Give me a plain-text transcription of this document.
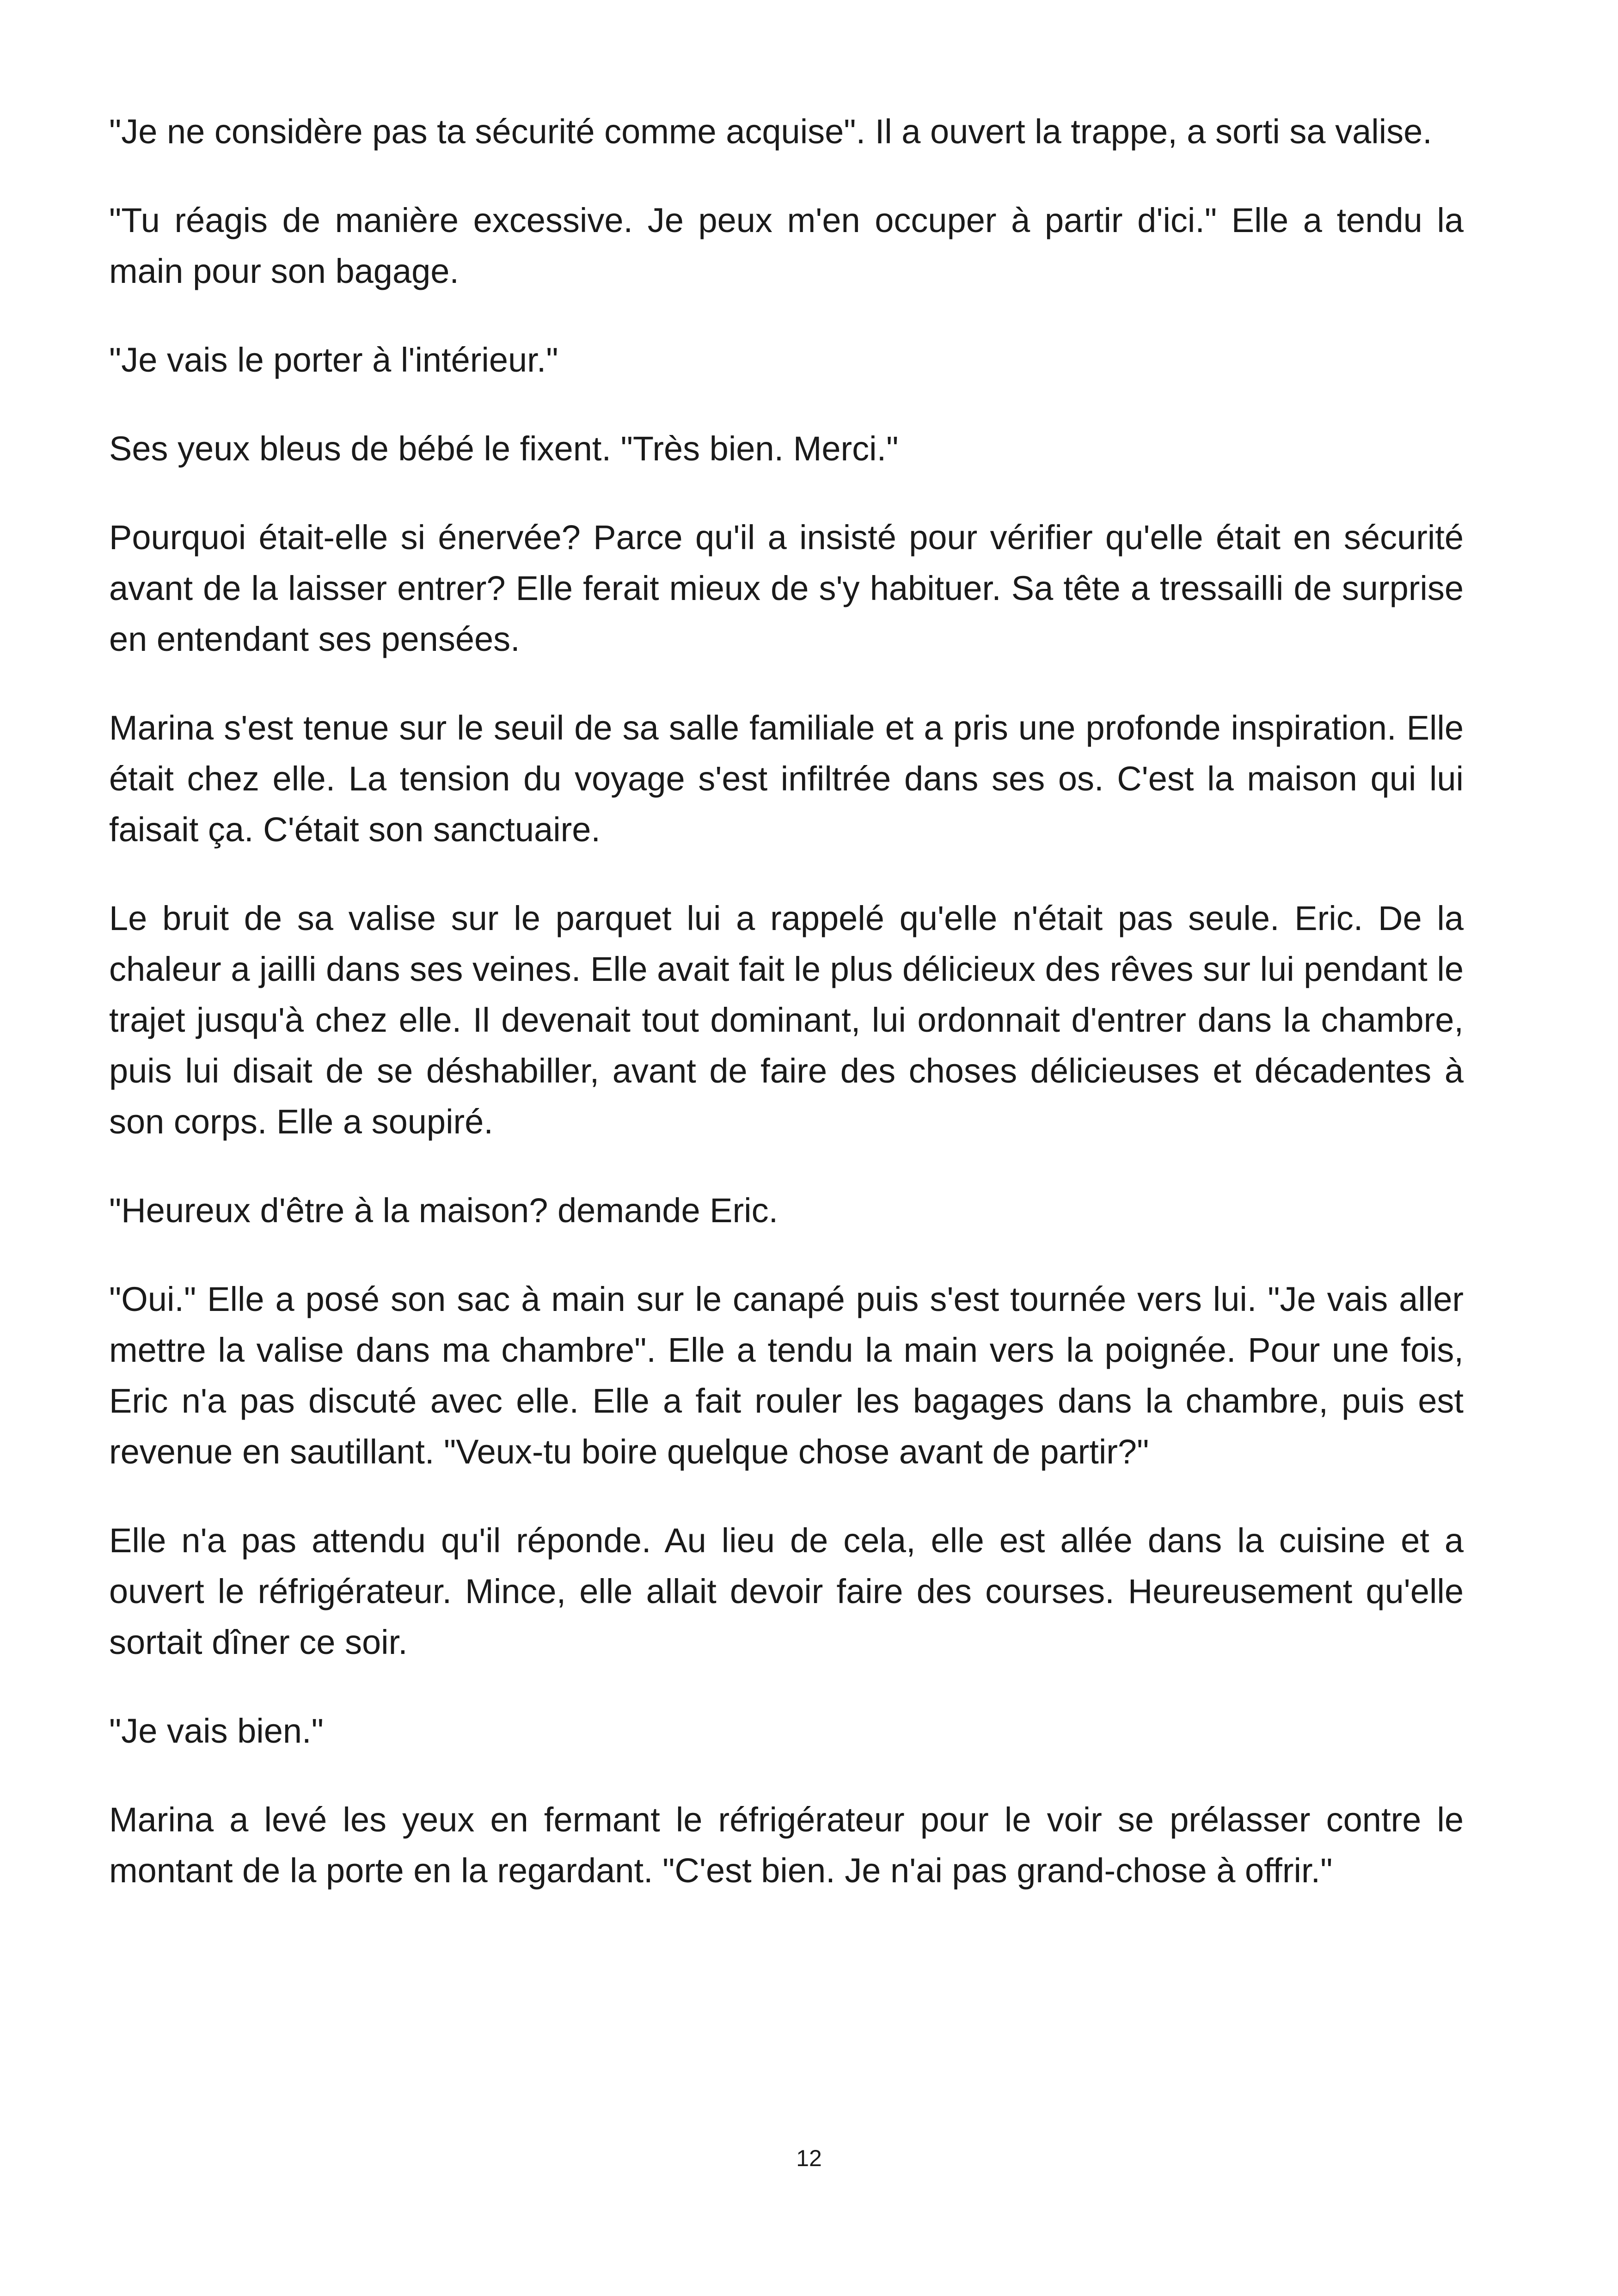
"Je ne considère pas ta sécurité comme acquise". Il a ouvert la trappe, a sorti sa valise.

"Tu réagis de manière excessive. Je peux m'en occuper à partir d'ici." Elle a tendu la main pour son bagage.

"Je vais le porter à l'intérieur."

Ses yeux bleus de bébé le fixent. "Très bien. Merci."

Pourquoi était-elle si énervée? Parce qu'il a insisté pour vérifier qu'elle était en sécurité avant de la laisser entrer? Elle ferait mieux de s'y habituer. Sa tête a tressailli de surprise en entendant ses pensées.

Marina s'est tenue sur le seuil de sa salle familiale et a pris une profonde inspiration. Elle était chez elle. La tension du voyage s'est infiltrée dans ses os. C'est la maison qui lui faisait ça. C'était son sanctuaire.

Le bruit de sa valise sur le parquet lui a rappelé qu'elle n'était pas seule. Eric. De la chaleur a jailli dans ses veines. Elle avait fait le plus délicieux des rêves sur lui pendant le trajet jusqu'à chez elle. Il devenait tout dominant, lui ordonnait d'entrer dans la chambre, puis lui disait de se déshabiller, avant de faire des choses délicieuses et décadentes à son corps. Elle a soupiré.

"Heureux d'être à la maison? demande Eric.

"Oui." Elle a posé son sac à main sur le canapé puis s'est tournée vers lui. "Je vais aller mettre la valise dans ma chambre". Elle a tendu la main vers la poignée. Pour une fois, Eric n'a pas discuté avec elle. Elle a fait rouler les bagages dans la chambre, puis est revenue en sautillant. "Veux-tu boire quelque chose avant de partir?"

Elle n'a pas attendu qu'il réponde. Au lieu de cela, elle est allée dans la cuisine et a ouvert le réfrigérateur. Mince, elle allait devoir faire des courses. Heureusement qu'elle sortait dîner ce soir.

"Je vais bien."

Marina a levé les yeux en fermant le réfrigérateur pour le voir se prélasser contre le montant de la porte en la regardant. "C'est bien. Je n'ai pas grand-chose à offrir."

12
